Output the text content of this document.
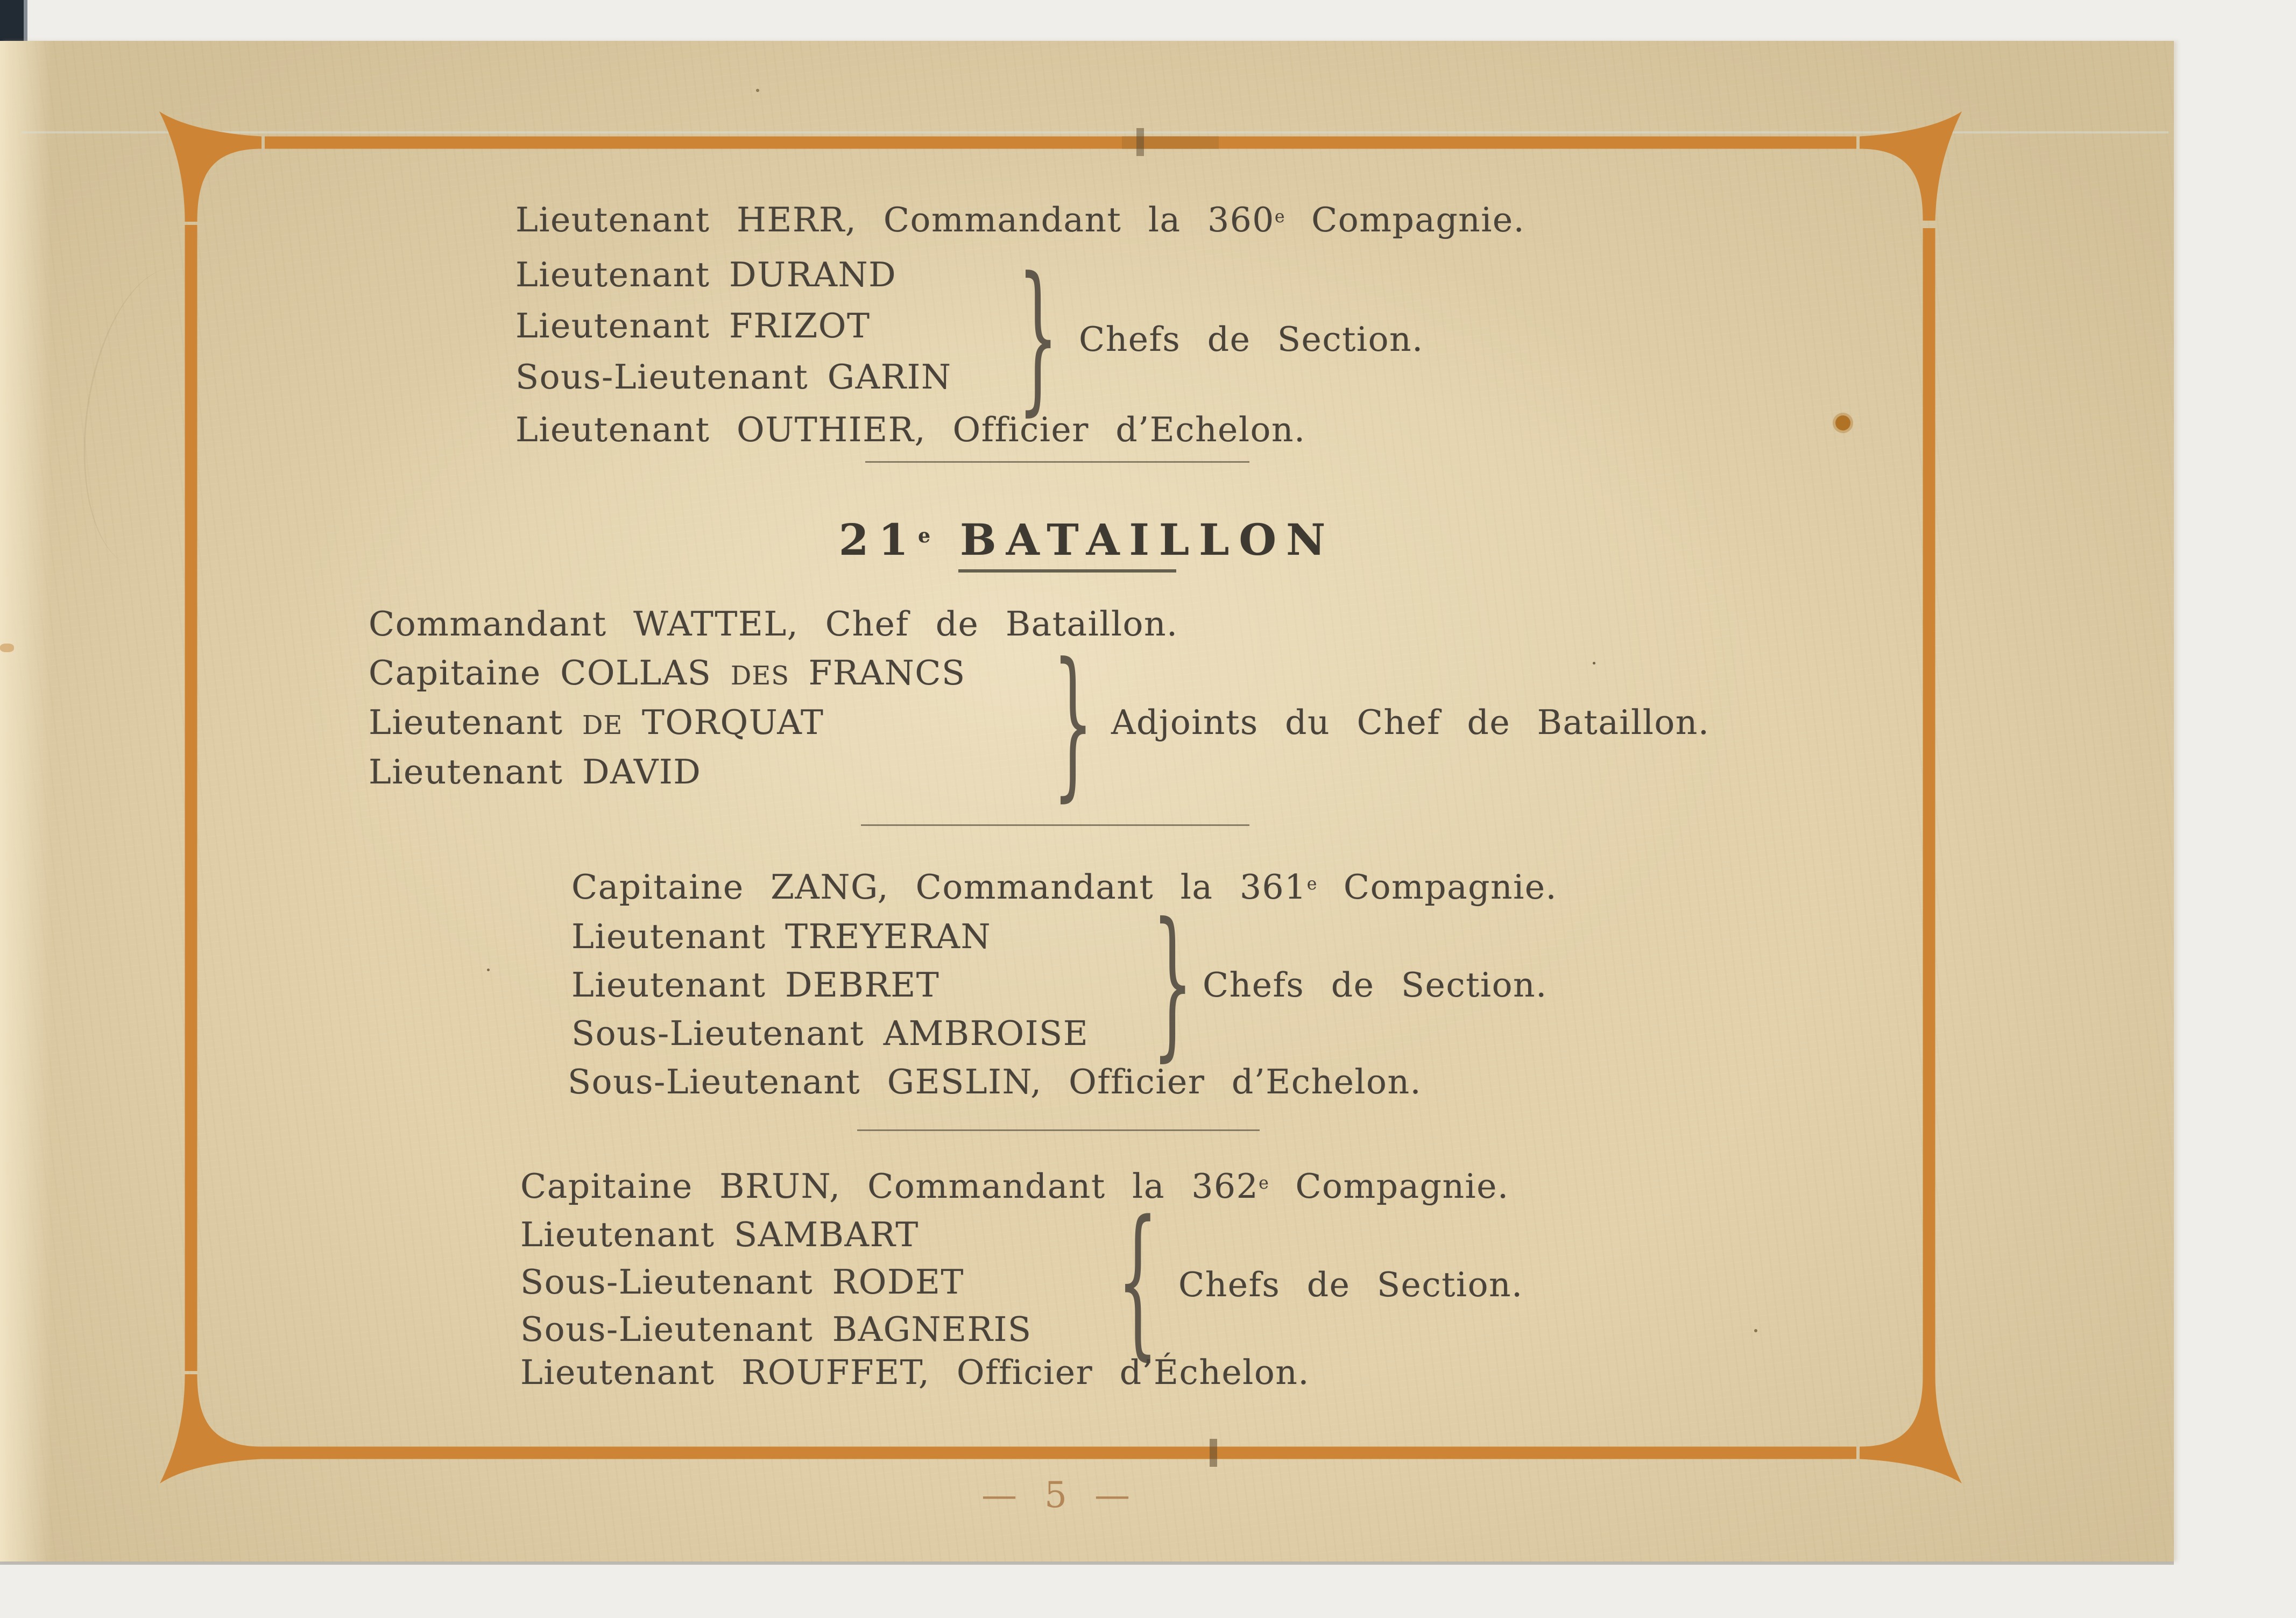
Lieutenant HERR, Commandant la 360e Compagnie.
Lieutenant DURAND
Lieutenant FRIZOT
Sous-Lieutenant GARIN } Chefs de Section.
Lieutenant OUTHIER, Officier d’Echelon.
21e BATAILLON
Commandant WATTEL, Chef de Bataillon.
Capitaine COLLAS DES FRANCS
Lieutenant DE TORQUAT
Lieutenant DAVID } Adjoints du Chef de Bataillon.
Capitaine ZANG, Commandant la 361e Compagnie.
Lieutenant TREYERAN
Lieutenant DEBRET
Sous-Lieutenant AMBROISE } Chefs de Section.
Sous-Lieutenant GESLIN, Officier d’Echelon.
Capitaine BRUN, Commandant la 362e Compagnie.
Lieutenant SAMBART
Sous-Lieutenant RODET
Sous-Lieutenant BAGNERIS { Chefs de Section.
Lieutenant ROUFFET, Officier d’Échelon.
— 5 —
